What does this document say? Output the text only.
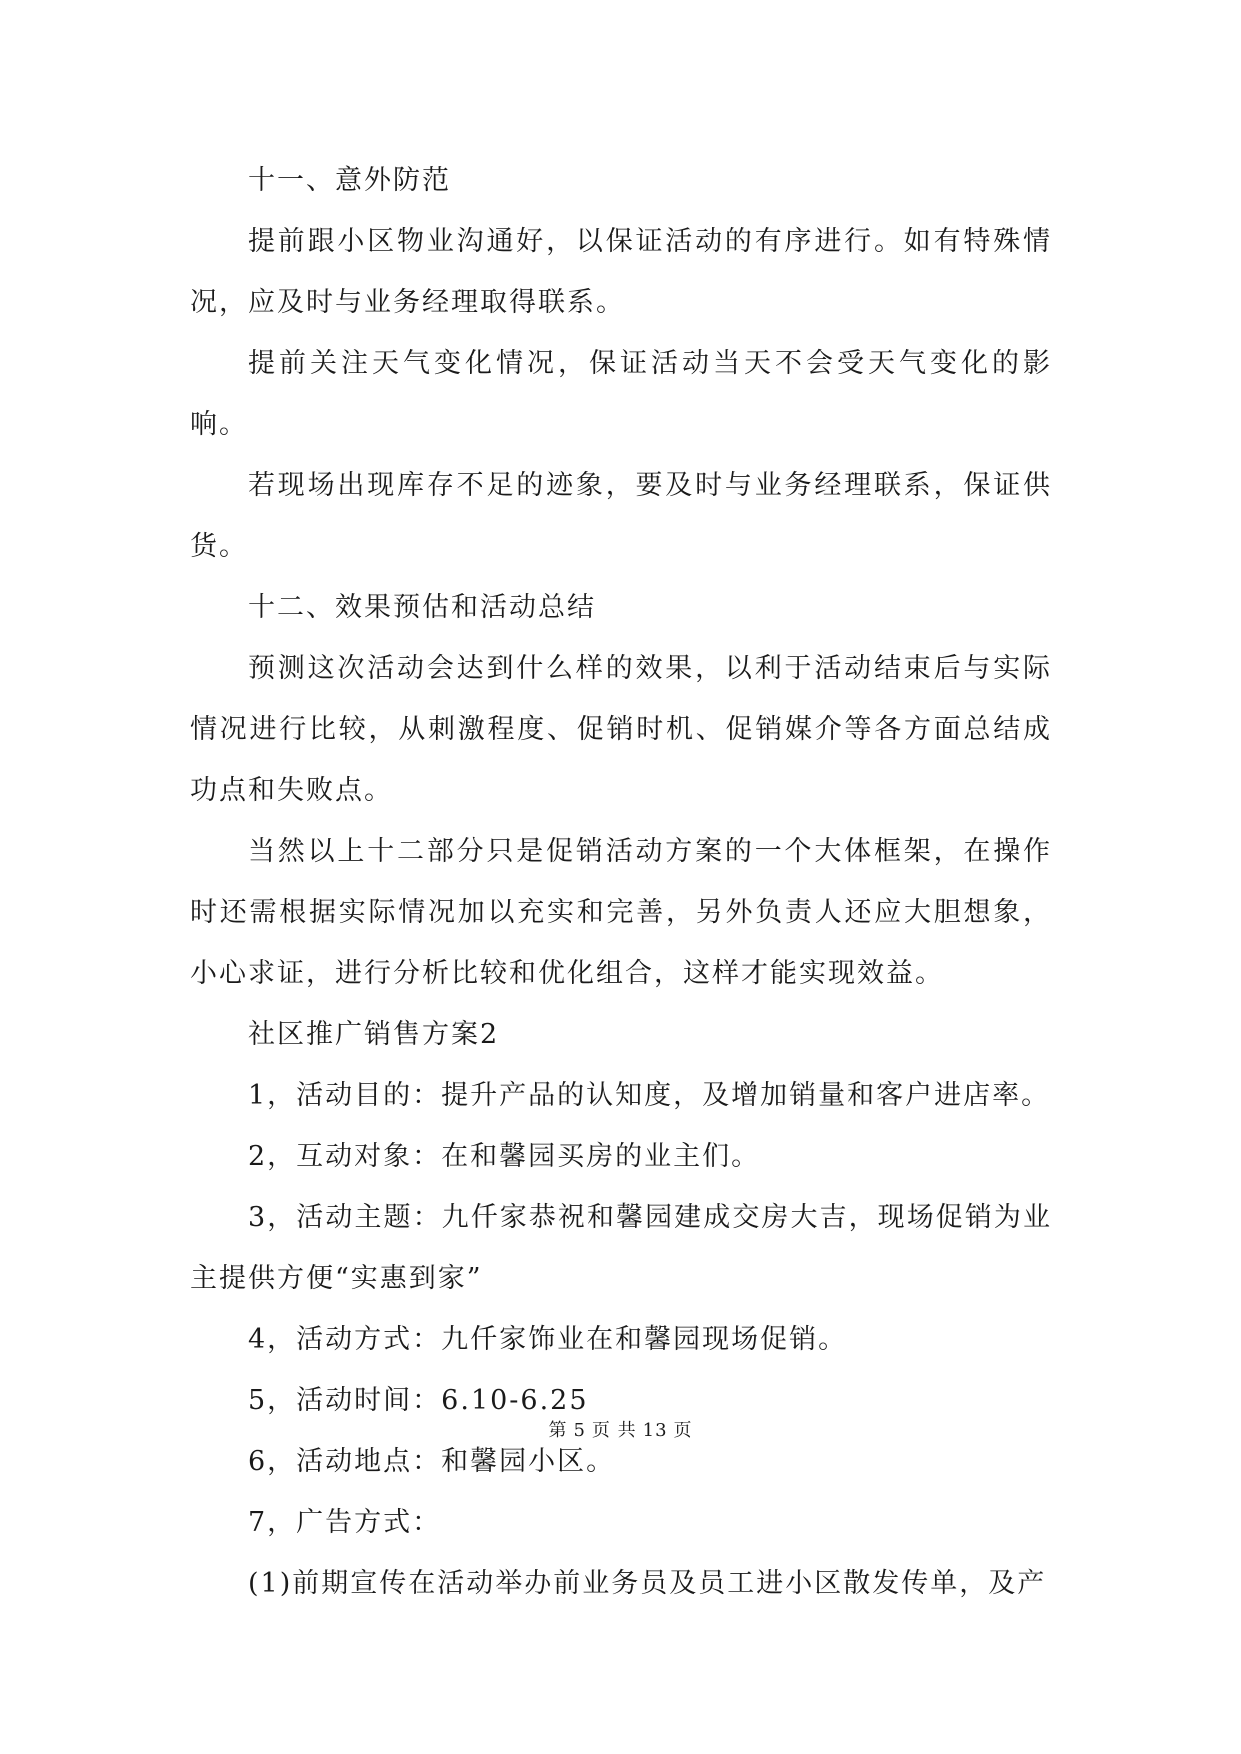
十一、意外防范

提前跟小区物业沟通好，以保证活动的有序进行。如有特殊情况，应及时与业务经理取得联系。

提前关注天气变化情况，保证活动当天不会受天气变化的影响。

若现场出现库存不足的迹象，要及时与业务经理联系，保证供货。

十二、效果预估和活动总结

预测这次活动会达到什么样的效果，以利于活动结束后与实际情况进行比较，从刺激程度、促销时机、促销媒介等各方面总结成功点和失败点。

当然以上十二部分只是促销活动方案的一个大体框架，在操作时还需根据实际情况加以充实和完善，另外负责人还应大胆想象，小心求证，进行分析比较和优化组合，这样才能实现效益。

社区推广销售方案2

1，活动目的：提升产品的认知度，及增加销量和客户进店率。

2，互动对象：在和馨园买房的业主们。

3，活动主题：九仟家恭祝和馨园建成交房大吉，现场促销为业主提供方便“实惠到家”

4，活动方式：九仟家饰业在和馨园现场促销。

5，活动时间：6.10-6.25

6，活动地点：和馨园小区。

7，广告方式：

(1)前期宣传在活动举办前业务员及员工进小区散发传单，及产

第 5 页 共 13 页
